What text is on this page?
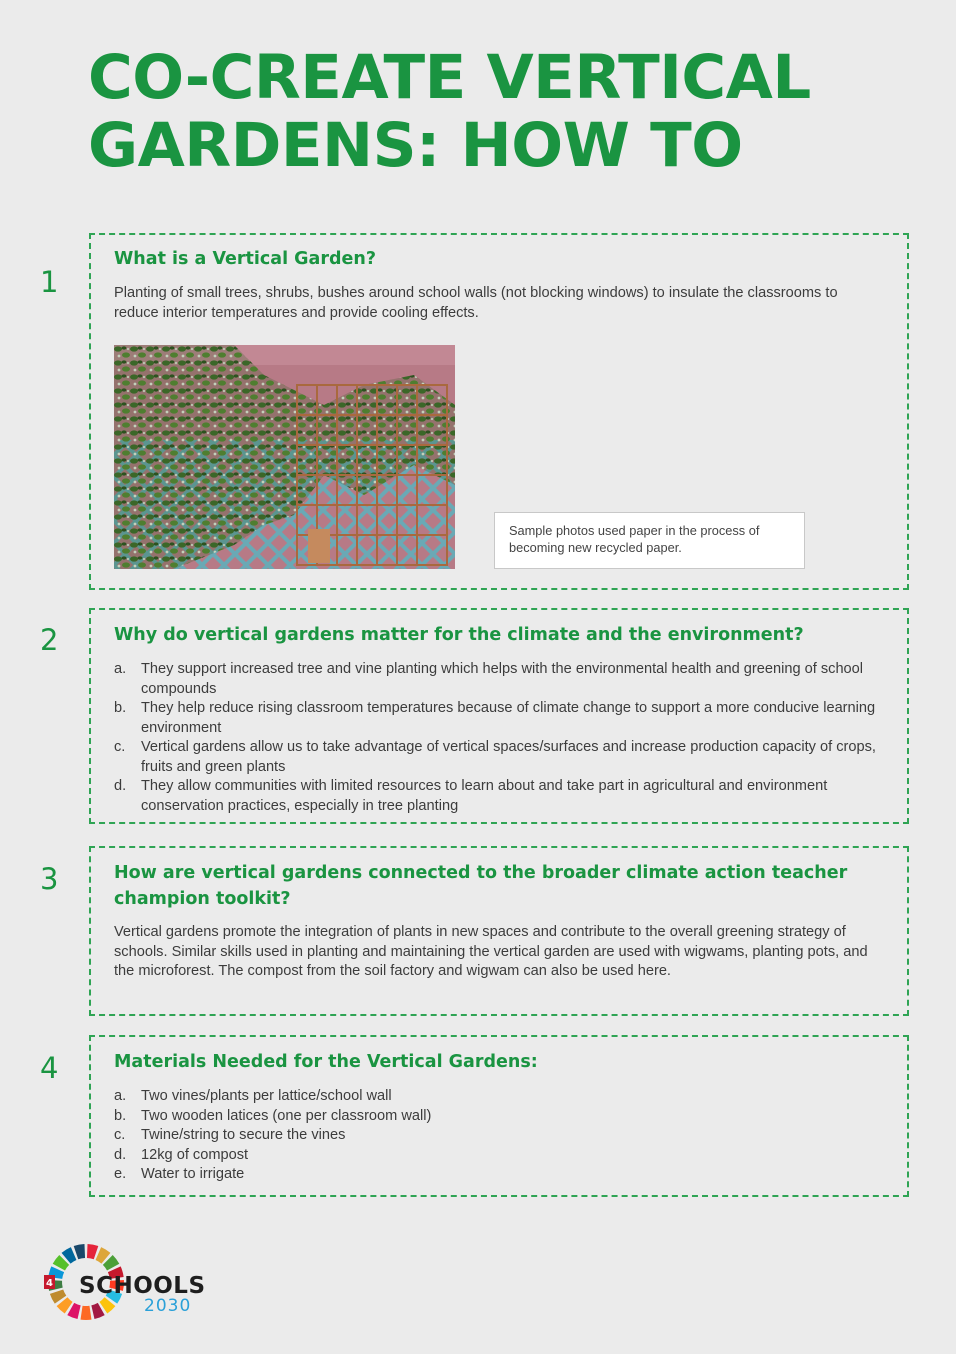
CO-CREATE VERTICAL
GARDENS: HOW TO
1
What is a Vertical Garden?

Planting of small trees, shrubs, bushes around school walls (not blocking windows) to insulate the classrooms to reduce interior temperatures and provide cooling effects.

Sample photos used paper in the process of becoming new recycled paper.
2	Why do vertical gardens matter for the climate and the environment?
a. They support increased tree and vine planting which helps with the environmental health and greening of school compounds
b. They help reduce rising classroom temperatures because of climate change to support a more conducive learning environment
c. Vertical gardens allow us to take advantage of vertical spaces/surfaces and increase production capacity of crops, fruits and green plants
d. They allow communities with limited resources to learn about and take part in agricultural and environment conservation practices, especially in tree planting
3	How are vertical gardens connected to the broader climate action teacher champion toolkit?

Vertical gardens promote the integration of plants in new spaces and contribute to the overall greening strategy of schools. Similar skills used in planting and maintaining the vertical garden are used with wigwams, planting pots, and the microforest. The compost from the soil factory and wigwam can also be used here.

4	Materials Needed for the Vertical Gardens:
a. Two vines/plants per lattice/school wall
b. Two wooden latices (one per classroom wall)
c. Twine/string to secure the vines
d. 12kg of compost
e. Water to irrigate
4 SCHOOLS
2030
